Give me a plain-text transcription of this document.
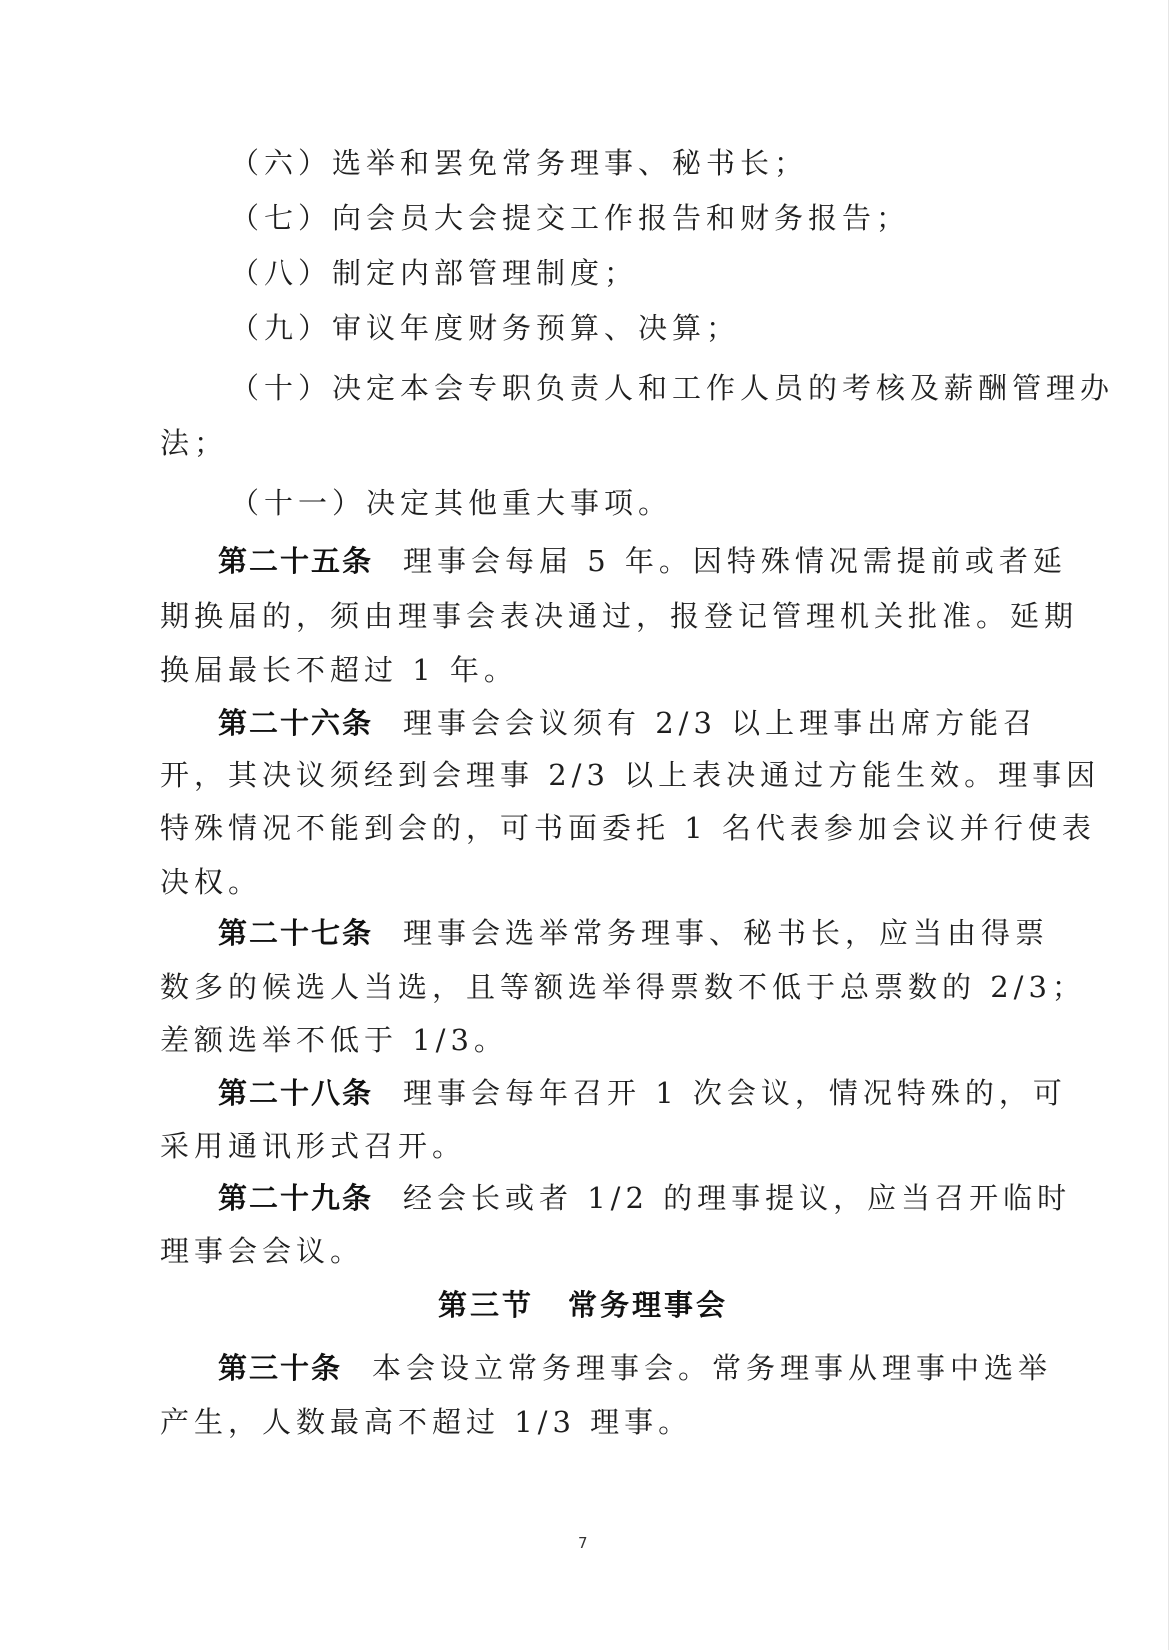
（六）选举和罢免常务理事、秘书长；
（七）向会员大会提交工作报告和财务报告；
（八）制定内部管理制度；
（九）审议年度财务预算、决算；
（十）决定本会专职负责人和工作人员的考核及薪酬管理办
法；
（十一）决定其他重大事项。
第二十五条 理事会每届 5 年。因特殊情况需提前或者延
期换届的，须由理事会表决通过，报登记管理机关批准。延期
换届最长不超过 1 年。
第二十六条 理事会会议须有 2/3 以上理事出席方能召
开，其决议须经到会理事 2/3 以上表决通过方能生效。理事因
特殊情况不能到会的，可书面委托 1 名代表参加会议并行使表
决权。
第二十七条 理事会选举常务理事、秘书长，应当由得票
数多的候选人当选，且等额选举得票数不低于总票数的 2/3；
差额选举不低于 1/3。
第二十八条 理事会每年召开 1 次会议，情况特殊的，可
采用通讯形式召开。
第二十九条 经会长或者 1/2 的理事提议，应当召开临时
理事会会议。
第三节 常务理事会
第三十条 本会设立常务理事会。常务理事从理事中选举
产生，人数最高不超过 1/3 理事。
7
